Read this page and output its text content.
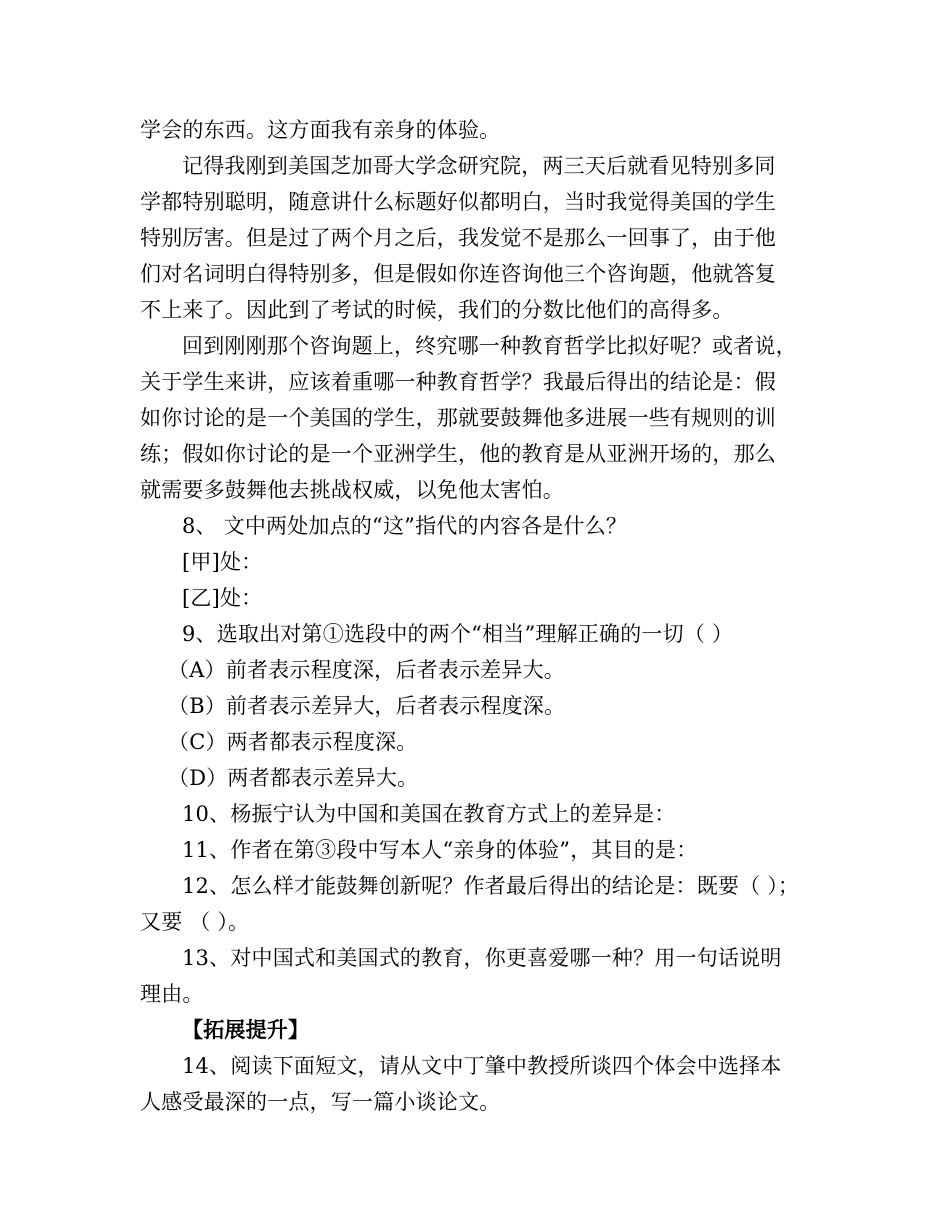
学会的东西。这方面我有亲身的体验。
记得我刚到美国芝加哥大学念研究院，两三天后就看见特别多同
学都特别聪明，随意讲什么标题好似都明白，当时我觉得美国的学生
特别厉害。但是过了两个月之后，我发觉不是那么一回事了，由于他
们对名词明白得特别多，但是假如你连咨询他三个咨询题，他就答复
不上来了。因此到了考试的时候，我们的分数比他们的高得多。
回到刚刚那个咨询题上，终究哪一种教育哲学比拟好呢？或者说，
关于学生来讲，应该着重哪一种教育哲学？我最后得出的结论是：假
如你讨论的是一个美国的学生，那就要鼓舞他多进展一些有规则的训
练；假如你讨论的是一个亚洲学生，他的教育是从亚洲开场的，那么
就需要多鼓舞他去挑战权威，以免他太害怕。
8、 文中两处加点的“这”指代的内容各是什么？
[甲]处：
[乙]处：
9、选取出对第①选段中的两个“相当”理解正确的一切（ ）
（A）前者表示程度深，后者表示差异大。
（B）前者表示差异大，后者表示程度深。
（C）两者都表示程度深。
（D）两者都表示差异大。
10、杨振宁认为中国和美国在教育方式上的差异是：
11、作者在第③段中写本人“亲身的体验”，其目的是：
12、怎么样才能鼓舞创新呢？作者最后得出的结论是：既要（ ）；
又要 （ ）。
13、对中国式和美国式的教育，你更喜爱哪一种？用一句话说明
理由。
【拓展提升】
14、阅读下面短文，请从文中丁肇中教授所谈四个体会中选择本
人感受最深的一点，写一篇小谈论文。
